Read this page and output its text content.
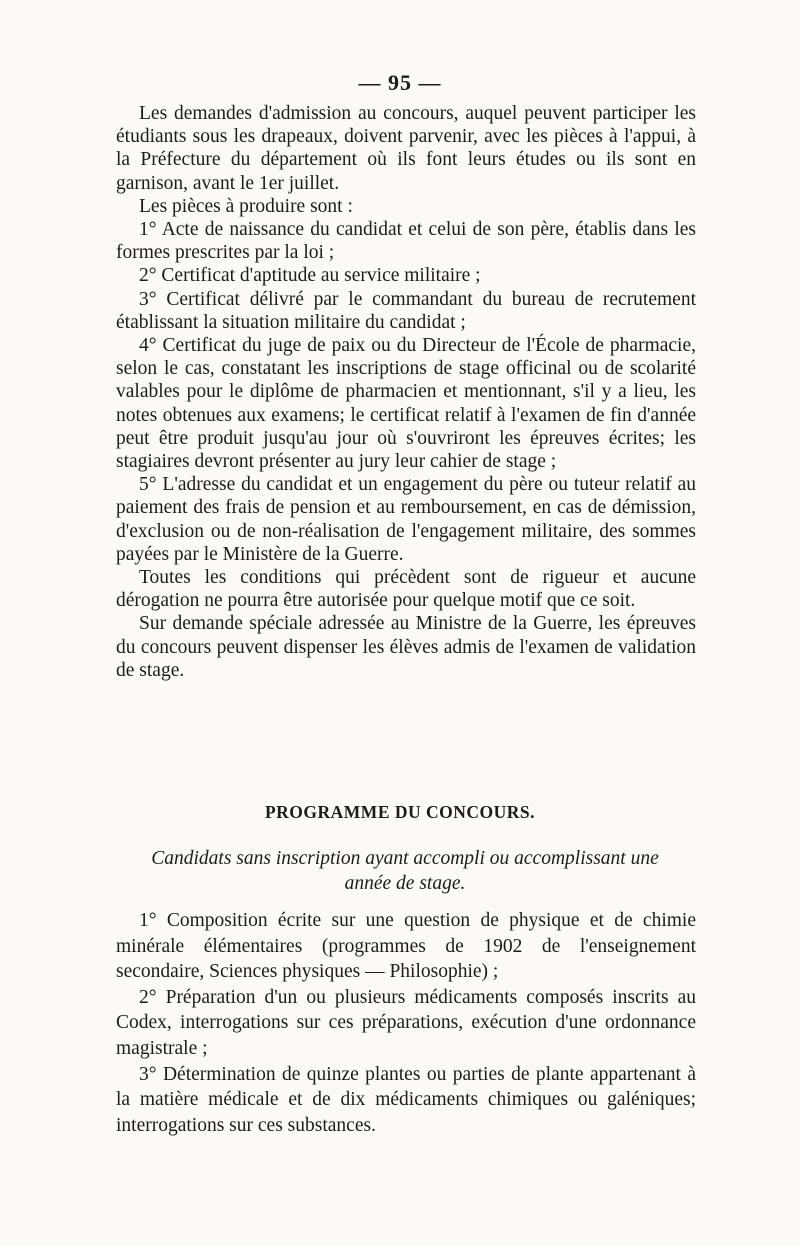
— 95 —

Les demandes d'admission au concours, auquel peuvent participer les étudiants sous les drapeaux, doivent parvenir, avec les pièces à l'appui, à la Préfecture du département où ils font leurs études ou ils sont en garnison, avant le 1er juillet.

Les pièces à produire sont :

1° Acte de naissance du candidat et celui de son père, établis dans les formes prescrites par la loi ;

2° Certificat d'aptitude au service militaire ;

3° Certificat délivré par le commandant du bureau de recrutement établissant la situation militaire du candidat ;

4° Certificat du juge de paix ou du Directeur de l'École de pharmacie, selon le cas, constatant les inscriptions de stage officinal ou de scolarité valables pour le diplôme de pharmacien et mentionnant, s'il y a lieu, les notes obtenues aux examens; le certificat relatif à l'examen de fin d'année peut être produit jusqu'au jour où s'ouvriront les épreuves écrites; les stagiaires devront présenter au jury leur cahier de stage ;

5° L'adresse du candidat et un engagement du père ou tuteur relatif au paiement des frais de pension et au remboursement, en cas de démission, d'exclusion ou de non-réalisation de l'engagement militaire, des sommes payées par le Ministère de la Guerre.

Toutes les conditions qui précèdent sont de rigueur et aucune dérogation ne pourra être autorisée pour quelque motif que ce soit.

Sur demande spéciale adressée au Ministre de la Guerre, les épreuves du concours peuvent dispenser les élèves admis de l'examen de validation de stage.

PROGRAMME DU CONCOURS.
Candidats sans inscription ayant accompli ou accomplissant une année de stage.

1° Composition écrite sur une question de physique et de chimie minérale élémentaires (programmes de 1902 de l'enseignement secondaire, Sciences physiques — Philosophie) ;

2° Préparation d'un ou plusieurs médicaments composés inscrits au Codex, interrogations sur ces préparations, exécution d'une ordonnance magistrale ;

3° Détermination de quinze plantes ou parties de plante appartenant à la matière médicale et de dix médicaments chimiques ou galéniques; interrogations sur ces substances.
